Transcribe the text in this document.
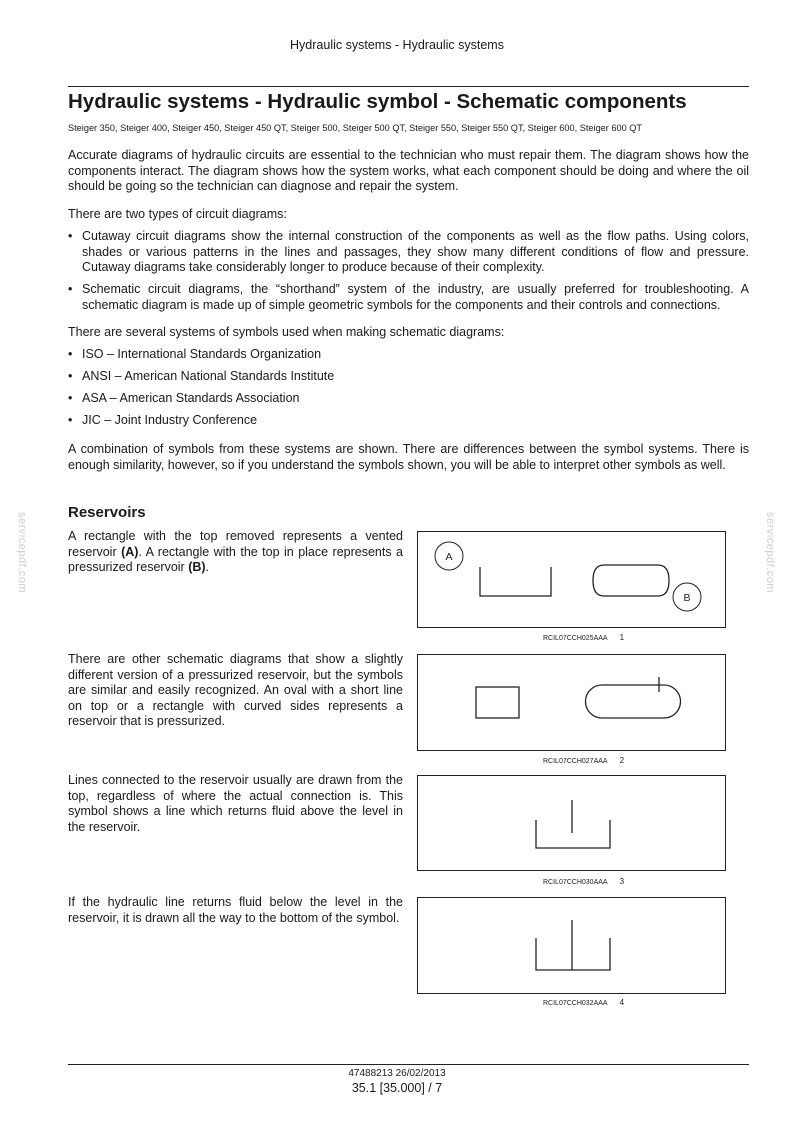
Hydraulic systems - Hydraulic systems
Hydraulic systems - Hydraulic symbol - Schematic components
Steiger 350, Steiger 400, Steiger 450, Steiger 450 QT, Steiger 500, Steiger 500 QT, Steiger 550, Steiger 550 QT, Steiger 600, Steiger 600 QT

Accurate diagrams of hydraulic circuits are essential to the technician who must repair them. The diagram shows how the components interact. The diagram shows how the system works, what each component should be doing and where the oil should be going so the technician can diagnose and repair the system.

There are two types of circuit diagrams:

• Cutaway circuit diagrams show the internal construction of the components as well as the flow paths. Using colors, shades or various patterns in the lines and passages, they show many different conditions of flow and pressure. Cutaway diagrams take considerably longer to produce because of their complexity.
• Schematic circuit diagrams, the “shorthand” system of the industry, are usually preferred for troubleshooting. A schematic diagram is made up of simple geometric symbols for the components and their controls and connections.

There are several systems of symbols used when making schematic diagrams:

• ISO – International Standards Organization
• ANSI – American National Standards Institute
• ASA – American Standards Association
• JIC – Joint Industry Conference

A combination of symbols from these systems are shown. There are differences between the symbol systems. There is enough similarity, however, so if you understand the symbols shown, you will be able to interpret other symbols as well.

Reservoirs

A rectangle with the top removed represents a vented reservoir (A). A rectangle with the top in place represents a pressurized reservoir (B).

A
B
RCIL07CCH025AAA 1

There are other schematic diagrams that show a slightly different version of a pressurized reservoir, but the symbols are similar and easily recognized. An oval with a short line on top or a rectangle with curved sides represents a reservoir that is pressurized.

RCIL07CCH027AAA 2

Lines connected to the reservoir usually are drawn from the top, regardless of where the actual connection is. This symbol shows a line which returns fluid above the level in the reservoir.

RCIL07CCH030AAA 3

If the hydraulic line returns fluid below the level in the reservoir, it is drawn all the way to the bottom of the symbol.

RCIL07CCH032AAA 4
servicepdf.com	servicepdf.com
47488213 26/02/2013
35.1 [35.000] / 7
